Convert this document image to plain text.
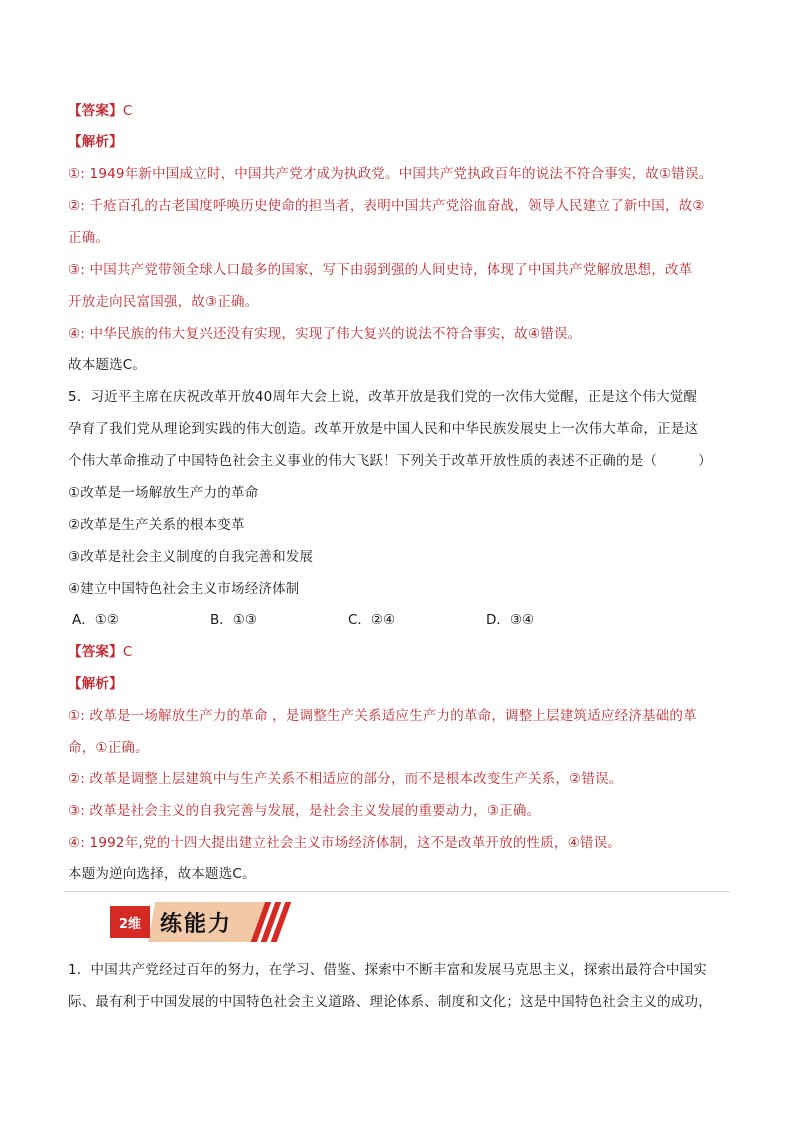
【答案】C
【解析】
①: 1949年新中国成立时，中国共产党才成为执政党。中国共产党执政百年的说法不符合事实，故①错误。
②: 千疮百孔的古老国度呼唤历史使命的担当者，表明中国共产党浴血奋战，领导人民建立了新中国，故②
正确。
③: 中国共产党带领全球人口最多的国家，写下由弱到强的人间史诗，体现了中国共产党解放思想，改革
开放走向民富国强，故③正确。
④: 中华民族的伟大复兴还没有实现，实现了伟大复兴的说法不符合事实，故④错误。
故本题选C。
5．习近平主席在庆祝改革开放40周年大会上说，改革开放是我们党的一次伟大觉醒，正是这个伟大觉醒
孕育了我们党从理论到实践的伟大创造。改革开放是中国人民和中华民族发展史上一次伟大革命，正是这
个伟大革命推动了中国特色社会主义事业的伟大飞跃！下列关于改革开放性质的表述不正确的是（　　　）
①改革是一场解放生产力的革命
②改革是生产关系的根本变革
③改革是社会主义制度的自我完善和发展
④建立中国特色社会主义市场经济体制
A．①②	B．①③	C．②④	D．③④
【答案】C
【解析】
①: 改革是一场解放生产力的革命 ，是调整生产关系适应生产力的革命，调整上层建筑适应经济基础的革
命，①正确。
②: 改革是调整上层建筑中与生产关系不相适应的部分，而不是根本改变生产关系，②错误。
③: 改革是社会主义的自我完善与发展，是社会主义发展的重要动力，③正确。
④: 1992年,党的十四大提出建立社会主义市场经济体制，这不是改革开放的性质，④错误。
本题为逆向选择，故本题选C。
2维 练能力
1．中国共产党经过百年的努力，在学习、借鉴、探索中不断丰富和发展马克思主义，探索出最符合中国实
际、最有利于中国发展的中国特色社会主义道路、理论体系、制度和文化；这是中国特色社会主义的成功，
